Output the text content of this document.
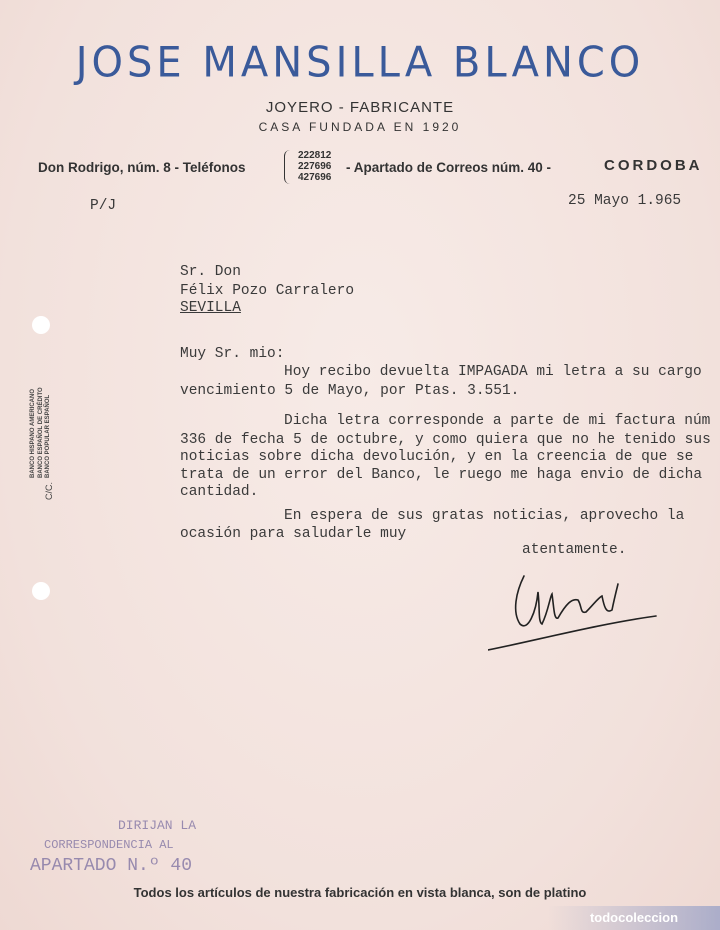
JOSE MANSILLA BLANCO
JOYERO - FABRICANTE
CASA FUNDADA EN 1920
Don Rodrigo, núm. 8 - Teléfonos
222812
227696
427696
- Apartado de Correos núm. 40 -	CORDOBA
BANCO HISPANO AMERICANO BANCO ESPAÑOL DE CRÉDITO BANCO POPULAR ESPAÑOL
C/C.
P/J	25 Mayo 1.965
Sr. Don
Félix Pozo Carralero
SEVILLA
Muy Sr. mio:
Hoy recibo devuelta IMPAGADA mi letra a su cargo
vencimiento 5 de Mayo, por Ptas. 3.551.
Dicha letra corresponde a parte de mi factura núm
336 de fecha 5 de octubre, y como quiera que no he tenido sus
noticias sobre dicha devolución, y en la creencia de que se
trata de un error del Banco, le ruego me haga envio de dicha
cantidad.
En espera de sus gratas noticias, aprovecho la
ocasión para saludarle muy
atentamente.
DIRIJAN LA
CORRESPONDENCIA AL
APARTADO N.º 40
Todos los artículos de nuestra fabricación en vista blanca, son de platino
todocoleccion
